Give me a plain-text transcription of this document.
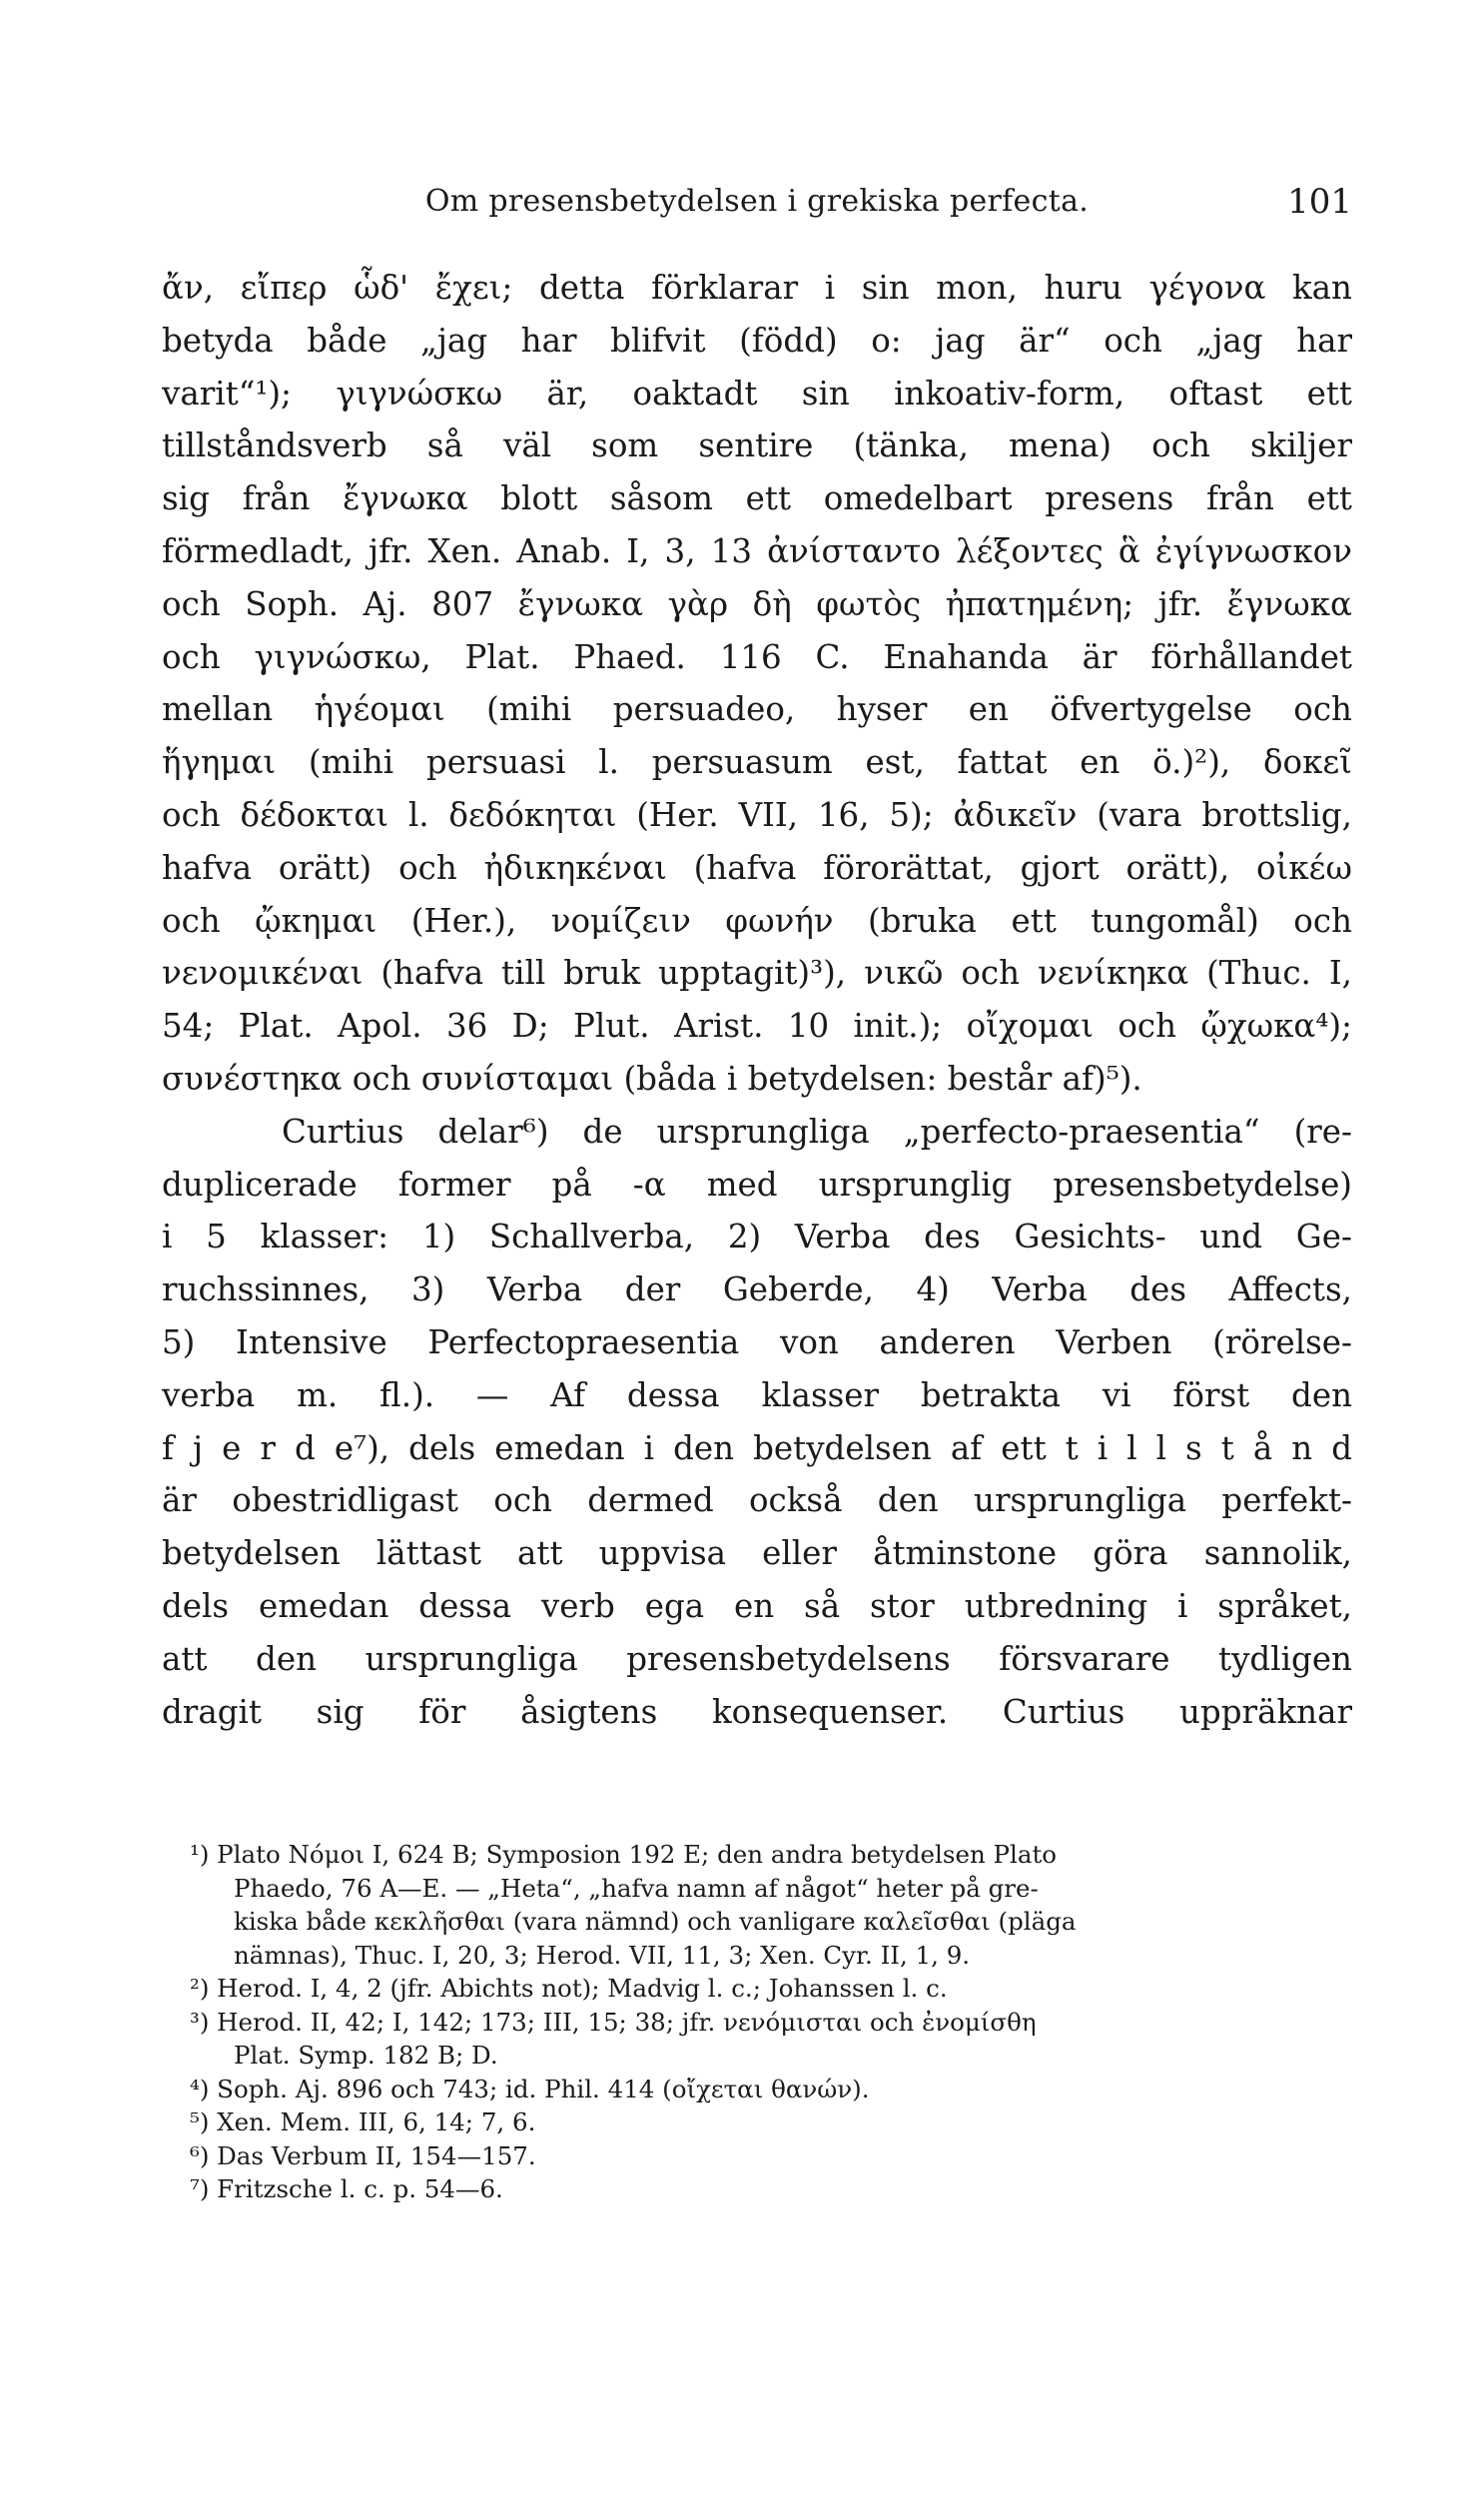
Om presensbetydelsen i grekiska perfecta.	101
ἄν, εἴπερ ὧδ' ἔχει; detta förklarar i sin mon, huru γέγονα kan
betyda både „jag har blifvit (född) o: jag är“ och „jag har
varit“¹); γιγνώσκω är, oaktadt sin inkoativ-form, oftast ett
tillståndsverb så väl som sentire (tänka, mena) och skiljer
sig från ἔγνωκα blott såsom ett omedelbart presens från ett
förmedladt, jfr. Xen. Anab. I, 3, 13 ἀνίσταντο λέξοντες ἃ ἐγίγνωσκον
och Soph. Aj. 807 ἔγνωκα γὰρ δὴ φωτὸς ἠπατημένη; jfr. ἔγνωκα
och γιγνώσκω, Plat. Phaed. 116 C. Enahanda är förhållandet
mellan ἡγέομαι (mihi persuadeo, hyser en öfvertygelse och
ἥγημαι (mihi persuasi l. persuasum est, fattat en ö.)²), δοκεῖ
och δέδοκται l. δεδόκηται (Her. VII, 16, 5); ἀδικεῖν (vara brottslig,
hafva orätt) och ἠδικηκέναι (hafva förorättat, gjort orätt), οἰκέω
och ᾤκημαι (Her.), νομίζειν φωνήν (bruka ett tungomål) och
νενομικέναι (hafva till bruk upptagit)³), νικῶ och νενίκηκα (Thuc. I,
54; Plat. Apol. 36 D; Plut. Arist. 10 init.); οἴχομαι och ᾤχωκα⁴);
συνέστηκα och συνίσταμαι (båda i betydelsen: består af)⁵).
Curtius delar⁶) de ursprungliga „perfecto-praesentia“ (re-
duplicerade former på -α med ursprunglig presensbetydelse)
i 5 klasser: 1) Schallverba, 2) Verba des Gesichts- und Ge-
ruchssinnes, 3) Verba der Geberde, 4) Verba des Affects,
5) Intensive Perfectopraesentia von anderen Verben (rörelse-
verba m. fl.). — Af dessa klasser betrakta vi först den
f j e r d e⁷), dels emedan i den betydelsen af ett t i l l s t å n d
är obestridligast och dermed också den ursprungliga perfekt-
betydelsen lättast att uppvisa eller åtminstone göra sannolik,
dels emedan dessa verb ega en så stor utbredning i språket,
att den ursprungliga presensbetydelsens försvarare tydligen
dragit sig för åsigtens konsequenser. Curtius uppräknar
¹) Plato Νόμοι I, 624 B; Symposion 192 E; den andra betydelsen Plato
Phaedo, 76 A—E. — „Heta“, „hafva namn af något“ heter på gre-
kiska både κεκλῆσθαι (vara nämnd) och vanligare καλεῖσθαι (pläga
nämnas), Thuc. I, 20, 3; Herod. VII, 11, 3; Xen. Cyr. II, 1, 9.
²) Herod. I, 4, 2 (jfr. Abichts not); Madvig l. c.; Johanssen l. c.
³) Herod. II, 42; I, 142; 173; III, 15; 38; jfr. νενόμισται och ἐνομίσθη
Plat. Symp. 182 B; D.
⁴) Soph. Aj. 896 och 743; id. Phil. 414 (οἴχεται θανών).
⁵) Xen. Mem. III, 6, 14; 7, 6.
⁶) Das Verbum II, 154—157.
⁷) Fritzsche l. c. p. 54—6.
